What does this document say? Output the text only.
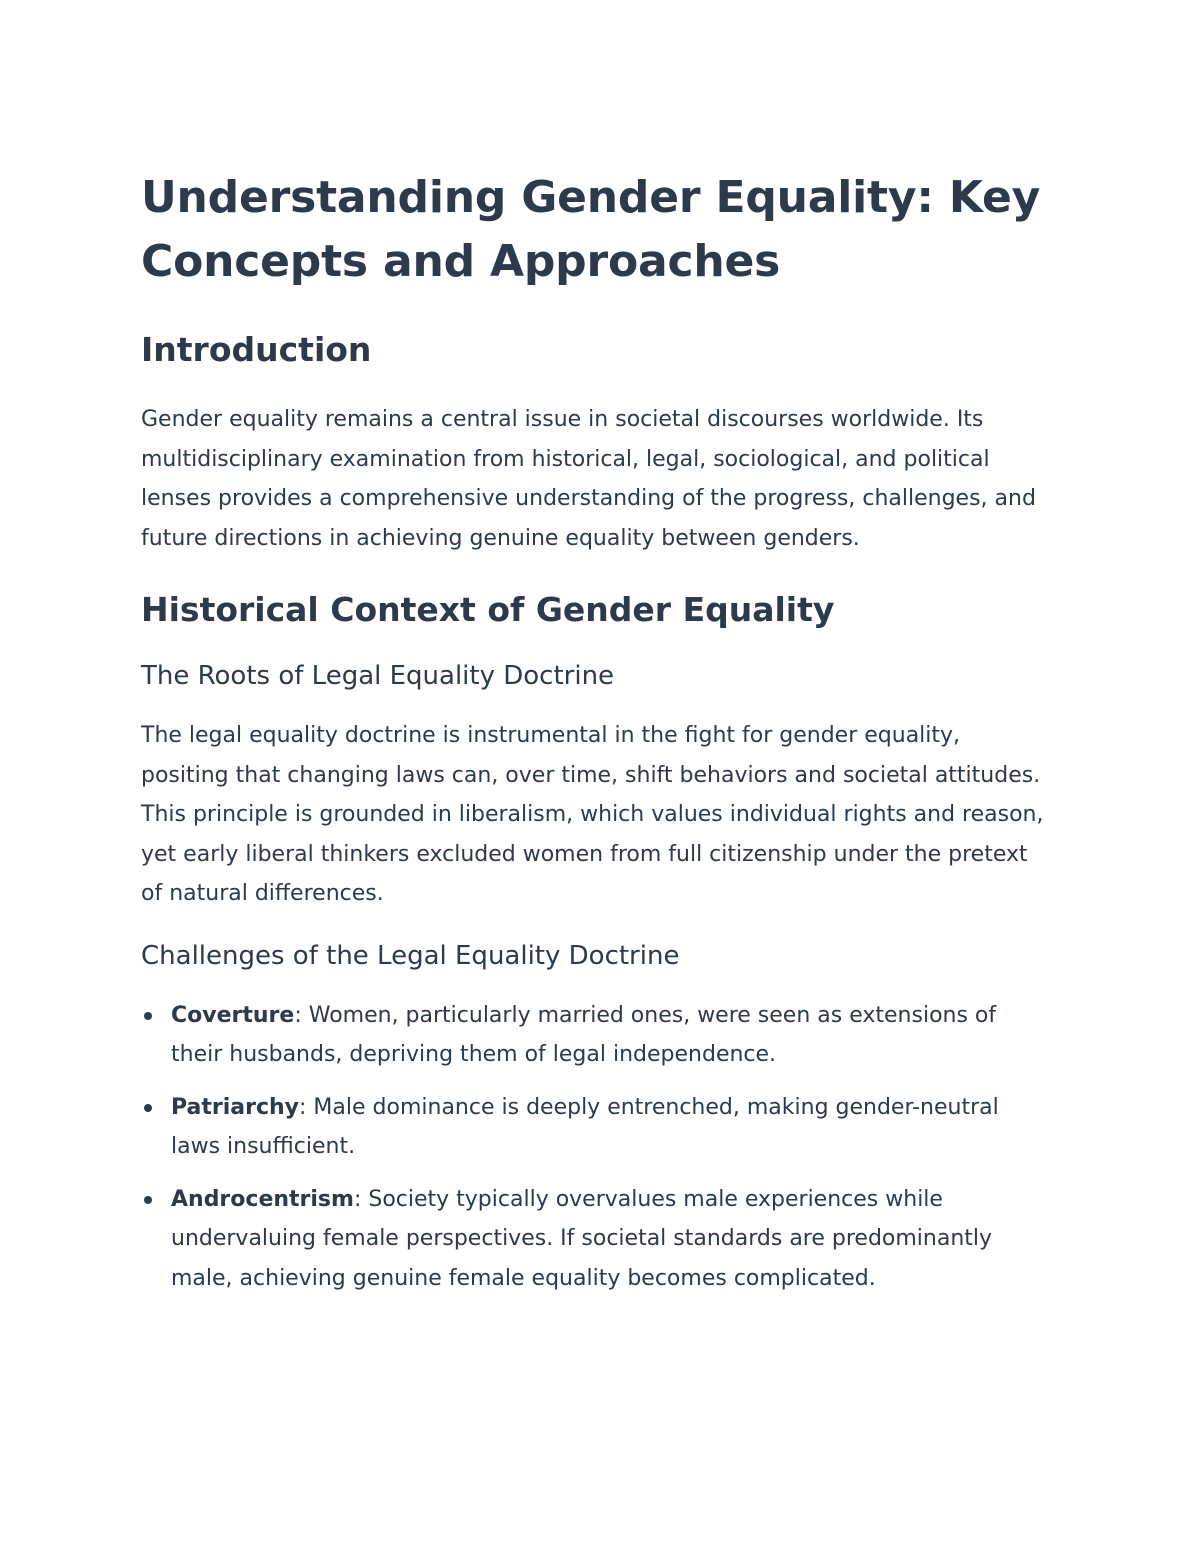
Understanding Gender Equality: Key Concepts and Approaches
Introduction

Gender equality remains a central issue in societal discourses worldwide. Its multidisciplinary examination from historical, legal, sociological, and political lenses provides a comprehensive understanding of the progress, challenges, and future directions in achieving genuine equality between genders.

Historical Context of Gender Equality
The Roots of Legal Equality Doctrine

The legal equality doctrine is instrumental in the fight for gender equality, positing that changing laws can, over time, shift behaviors and societal attitudes. This principle is grounded in liberalism, which values individual rights and reason, yet early liberal thinkers excluded women from full citizenship under the pretext of natural differences.

Challenges of the Legal Equality Doctrine
Coverture: Women, particularly married ones, were seen as extensions of their husbands, depriving them of legal independence.
Patriarchy: Male dominance is deeply entrenched, making gender-neutral laws insufficient.
Androcentrism: Society typically overvalues male experiences while undervaluing female perspectives. If societal standards are predominantly male, achieving genuine female equality becomes complicated.
